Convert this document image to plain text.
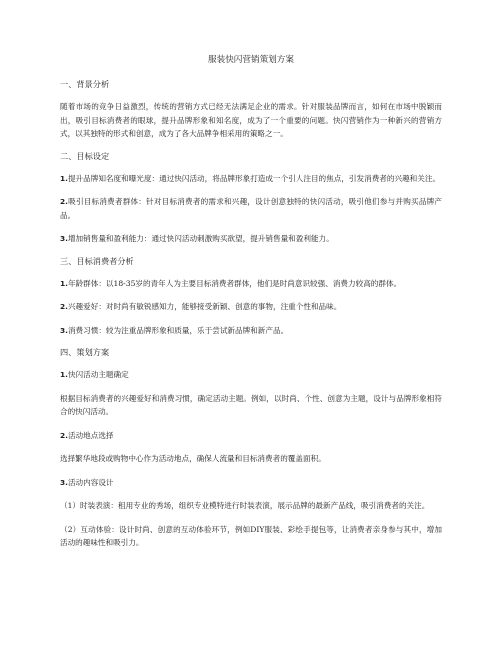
服装快闪营销策划方案
一、背景分析
随着市场的竞争日益激烈，传统的营销方式已经无法满足企业的需求。针对服装品牌而言，如何在市场中脱颖而出，吸引目标消费者的眼球，提升品牌形象和知名度，成为了一个重要的问题。快闪营销作为一种新兴的营销方式，以其独特的形式和创意，成为了各大品牌争相采用的策略之一。
二、目标设定
1.提升品牌知名度和曝光度：通过快闪活动，将品牌形象打造成一个引人注目的焦点，引发消费者的兴趣和关注。
2.吸引目标消费者群体：针对目标消费者的需求和兴趣，设计创意独特的快闪活动，吸引他们参与并购买品牌产品。
3.增加销售量和盈利能力：通过快闪活动刺激购买欲望，提升销售量和盈利能力。
三、目标消费者分析
1.年龄群体：以18-35岁的青年人为主要目标消费者群体，他们是时尚意识较强、消费力较高的群体。
2.兴趣爱好：对时尚有敏锐感知力，能够接受新颖、创意的事物，注重个性和品味。
3.消费习惯：较为注重品牌形象和质量，乐于尝试新品牌和新产品。
四、策划方案
1.快闪活动主题确定
根据目标消费者的兴趣爱好和消费习惯，确定活动主题。例如，以时尚、个性、创意为主题，设计与品牌形象相符合的快闪活动。
2.活动地点选择
选择繁华地段或购物中心作为活动地点，确保人流量和目标消费者的覆盖面积。
3.活动内容设计
（1）时装表演：租用专业的秀场，组织专业模特进行时装表演，展示品牌的最新产品线，吸引消费者的关注。
（2）互动体验：设计时尚、创意的互动体验环节，例如DIY服装、彩绘手提包等，让消费者亲身参与其中，增加活动的趣味性和吸引力。
